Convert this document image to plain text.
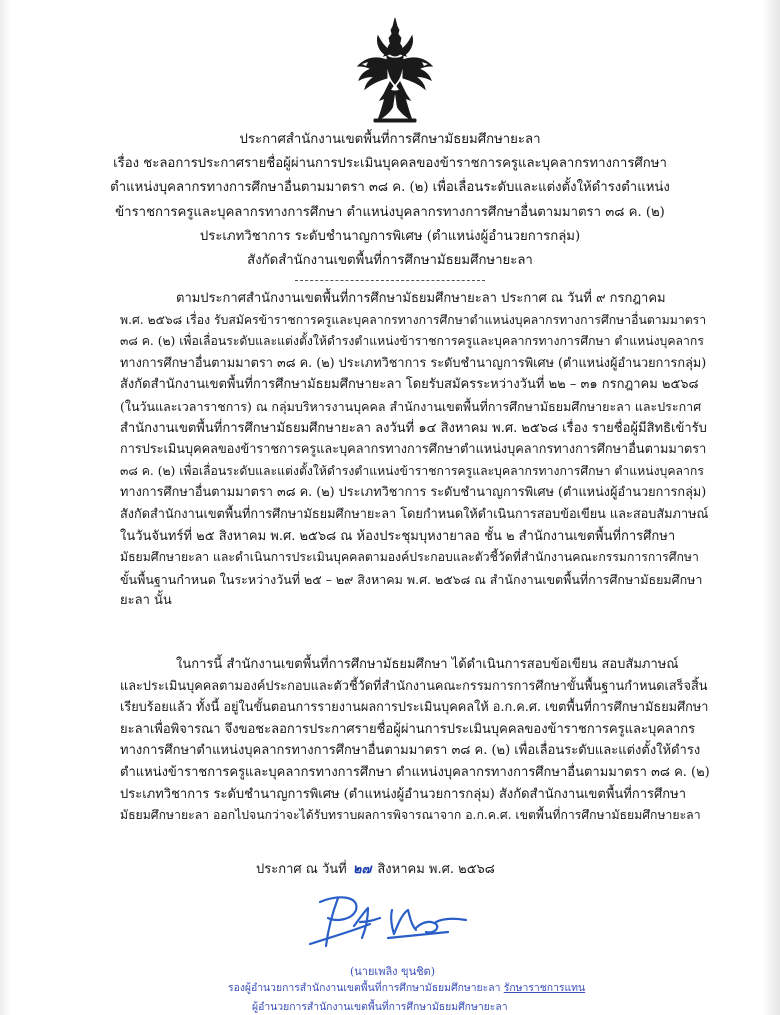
ประกาศสำนักงานเขตพื้นที่การศึกษามัธยมศึกษายะลา
เรื่อง ชะลอการประกาศรายชื่อผู้ผ่านการประเมินบุคคลของข้าราชการครูและบุคลากรทางการศึกษา
ตำแหน่งบุคลากรทางการศึกษาอื่นตามมาตรา ๓๘ ค. (๒) เพื่อเลื่อนระดับและแต่งตั้งให้ดำรงตำแหน่ง
ข้าราชการครูและบุคลากรทางการศึกษา ตำแหน่งบุคลากรทางการศึกษาอื่นตามมาตรา ๓๘ ค. (๒)
ประเภทวิชาการ ระดับชำนาญการพิเศษ (ตำแหน่งผู้อำนวยการกลุ่ม)
สังกัดสำนักงานเขตพื้นที่การศึกษามัธยมศึกษายะลา
ตามประกาศสำนักงานเขตพื้นที่การศึกษามัธยมศึกษายะลา ประกาศ ณ วันที่ ๙ กรกฎาคม
พ.ศ. ๒๕๖๘ เรื่อง รับสมัครข้าราชการครูและบุคลากรทางการศึกษาตำแหน่งบุคลากรทางการศึกษาอื่นตามมาตรา
๓๘ ค. (๒) เพื่อเลื่อนระดับและแต่งตั้งให้ดำรงตำแหน่งข้าราชการครูและบุคลากรทางการศึกษา ตำแหน่งบุคลากร
ทางการศึกษาอื่นตามมาตรา ๓๘ ค. (๒) ประเภทวิชาการ ระดับชำนาญการพิเศษ (ตำแหน่งผู้อำนวยการกลุ่ม)
สังกัดสำนักงานเขตพื้นที่การศึกษามัธยมศึกษายะลา โดยรับสมัครระหว่างวันที่ ๒๒ – ๓๑ กรกฎาคม ๒๕๖๘
(ในวันและเวลาราชการ) ณ กลุ่มบริหารงานบุคคล สำนักงานเขตพื้นที่การศึกษามัธยมศึกษายะลา และประกาศ
สำนักงานเขตพื้นที่การศึกษามัธยมศึกษายะลา ลงวันที่ ๑๔ สิงหาคม พ.ศ. ๒๕๖๘ เรื่อง รายชื่อผู้มีสิทธิเข้ารับ
การประเมินบุคคลของข้าราชการครูและบุคลากรทางการศึกษาตำแหน่งบุคลากรทางการศึกษาอื่นตามมาตรา
๓๘ ค. (๒) เพื่อเลื่อนระดับและแต่งตั้งให้ดำรงตำแหน่งข้าราชการครูและบุคลากรทางการศึกษา ตำแหน่งบุคลากร
ทางการศึกษาอื่นตามมาตรา ๓๘ ค. (๒) ประเภทวิชาการ ระดับชำนาญการพิเศษ (ตำแหน่งผู้อำนวยการกลุ่ม)
สังกัดสำนักงานเขตพื้นที่การศึกษามัธยมศึกษายะลา โดยกำหนดให้ดำเนินการสอบข้อเขียน และสอบสัมภาษณ์
ในวันจันทร์ที่ ๒๕ สิงหาคม พ.ศ. ๒๕๖๘ ณ ห้องประชุมบุหงายาลอ ชั้น ๒ สำนักงานเขตพื้นที่การศึกษา
มัธยมศึกษายะลา และดำเนินการประเมินบุคคลตามองค์ประกอบและตัวชี้วัดที่สำนักงานคณะกรรมการการศึกษา
ขั้นพื้นฐานกำหนด ในระหว่างวันที่ ๒๕ – ๒๙ สิงหาคม พ.ศ. ๒๕๖๘ ณ สำนักงานเขตพื้นที่การศึกษามัธยมศึกษา
ยะลา นั้น
ในการนี้ สำนักงานเขตพื้นที่การศึกษามัธยมศึกษา ได้ดำเนินการสอบข้อเขียน สอบสัมภาษณ์
และประเมินบุคคลตามองค์ประกอบและตัวชี้วัดที่สำนักงานคณะกรรมการการศึกษาขั้นพื้นฐานกำหนดเสร็จสิ้น
เรียบร้อยแล้ว ทั้งนี้ อยู่ในขั้นตอนการรายงานผลการประเมินบุคคลให้ อ.ก.ค.ศ. เขตพื้นที่การศึกษามัธยมศึกษา
ยะลาเพื่อพิจารณา จึงขอชะลอการประกาศรายชื่อผู้ผ่านการประเมินบุคคลของข้าราชการครูและบุคลากร
ทางการศึกษาตำแหน่งบุคลากรทางการศึกษาอื่นตามมาตรา ๓๘ ค. (๒) เพื่อเลื่อนระดับและแต่งตั้งให้ดำรง
ตำแหน่งข้าราชการครูและบุคลากรทางการศึกษา ตำแหน่งบุคลากรทางการศึกษาอื่นตามมาตรา ๓๘ ค. (๒)
ประเภทวิชาการ ระดับชำนาญการพิเศษ (ตำแหน่งผู้อำนวยการกลุ่ม) สังกัดสำนักงานเขตพื้นที่การศึกษา
มัธยมศึกษายะลา ออกไปจนกว่าจะได้รับทราบผลการพิจารณาจาก อ.ก.ค.ศ. เขตพื้นที่การศึกษามัธยมศึกษายะลา
ประกาศ ณ วันที่ ๒๗ สิงหาคม พ.ศ. ๒๕๖๘
(นายเพลิง ขุนชิต)
รองผู้อำนวยการสำนักงานเขตพื้นที่การศึกษามัธยมศึกษายะลา รักษาราชการแทน
ผู้อำนวยการสำนักงานเขตพื้นที่การศึกษามัธยมศึกษายะลา
